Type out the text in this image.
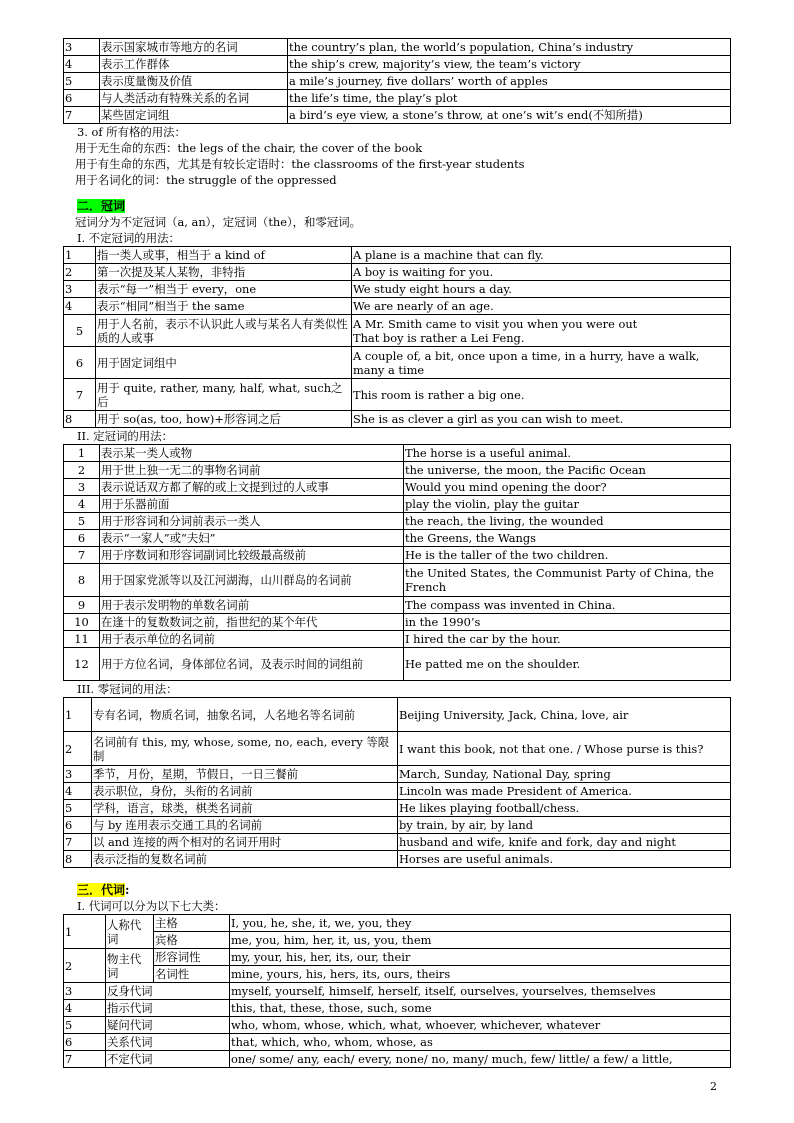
3	表示国家城市等地方的名词	the country’s plan, the world’s population, China’s industry
4	表示工作群体	the ship’s crew, majority’s view, the team’s victory
5	表示度量衡及价值	a mile’s journey, five dollars’ worth of apples
6	与人类活动有特殊关系的名词	the life’s time, the play’s plot
7	某些固定词组	a bird’s eye view, a stone’s throw, at one’s wit’s end(不知所措)
3. of 所有格的用法：
用于无生命的东西：the legs of the chair, the cover of the book
用于有生命的东西，尤其是有较长定语时：the classrooms of the first-year students
用于名词化的词：the struggle of the oppressed
二．冠词
冠词分为不定冠词（a, an），定冠词（the），和零冠词。
I. 不定冠词的用法：
1	指一类人或事，相当于 a kind of	A plane is a machine that can fly.
2	第一次提及某人某物，非特指	A boy is waiting for you.
3	表示“每一”相当于 every，one	We study eight hours a day.
4	表示“相同”相当于 the same	We are nearly of an age.
5	用于人名前，表示不认识此人或与某名人有类似性质的人或事	A Mr. Smith came to visit you when you were out
That boy is rather a Lei Feng.
6	用于固定词组中	A couple of, a bit, once upon a time, in a hurry, have a walk, many a time
7	用于 quite, rather, many, half, what, such之后	This room is rather a big one.
8	用于 so(as, too, how)+形容词之后	She is as clever a girl as you can wish to meet.
II. 定冠词的用法：
1	表示某一类人或物	The horse is a useful animal.
2	用于世上独一无二的事物名词前	the universe, the moon, the Pacific Ocean
3	表示说话双方都了解的或上文提到过的人或事	Would you mind opening the door?
4	用于乐器前面	play the violin, play the guitar
5	用于形容词和分词前表示一类人	the reach, the living, the wounded
6	表示“一家人”或“夫妇”	the Greens, the Wangs
7	用于序数词和形容词副词比较级最高级前	He is the taller of the two children.
8	用于国家党派等以及江河湖海，山川群岛的名词前	the United States, the Communist Party of China, the French
9	用于表示发明物的单数名词前	The compass was invented in China.
10	在逢十的复数数词之前，指世纪的某个年代	in the 1990’s
11	用于表示单位的名词前	I hired the car by the hour.
12	用于方位名词，身体部位名词，及表示时间的词组前	He patted me on the shoulder.
III. 零冠词的用法：
1	专有名词，物质名词，抽象名词，人名地名等名词前	Beijing University, Jack, China, love, air
2	名词前有 this, my, whose, some, no, each, every 等限制	I want this book, not that one. / Whose purse is this?
3	季节，月份，星期，节假日，一日三餐前	March, Sunday, National Day, spring
4	表示职位，身份，头衔的名词前	Lincoln was made President of America.
5	学科，语言，球类，棋类名词前	He likes playing football/chess.
6	与 by 连用表示交通工具的名词前	by train, by air, by land
7	以 and 连接的两个相对的名词开用时	husband and wife, knife and fork, day and night
8	表示泛指的复数名词前	Horses are useful animals.
三．代词:
I. 代词可以分为以下七大类：
1	人称代词	主格	I, you, he, she, it, we, you, they
		宾格	me, you, him, her, it, us, you, them
2	物主代词	形容词性	my, your, his, her, its, our, their
		名词性	mine, yours, his, hers, its, ours, theirs
3	反身代词		myself, yourself, himself, herself, itself, ourselves, yourselves, themselves
4	指示代词		this, that, these, those, such, some
5	疑问代词		who, whom, whose, which, what, whoever, whichever, whatever
6	关系代词		that, which, who, whom, whose, as
7	不定代词		one/ some/ any, each/ every, none/ no, many/ much, few/ little/ a few/ a little,
2
